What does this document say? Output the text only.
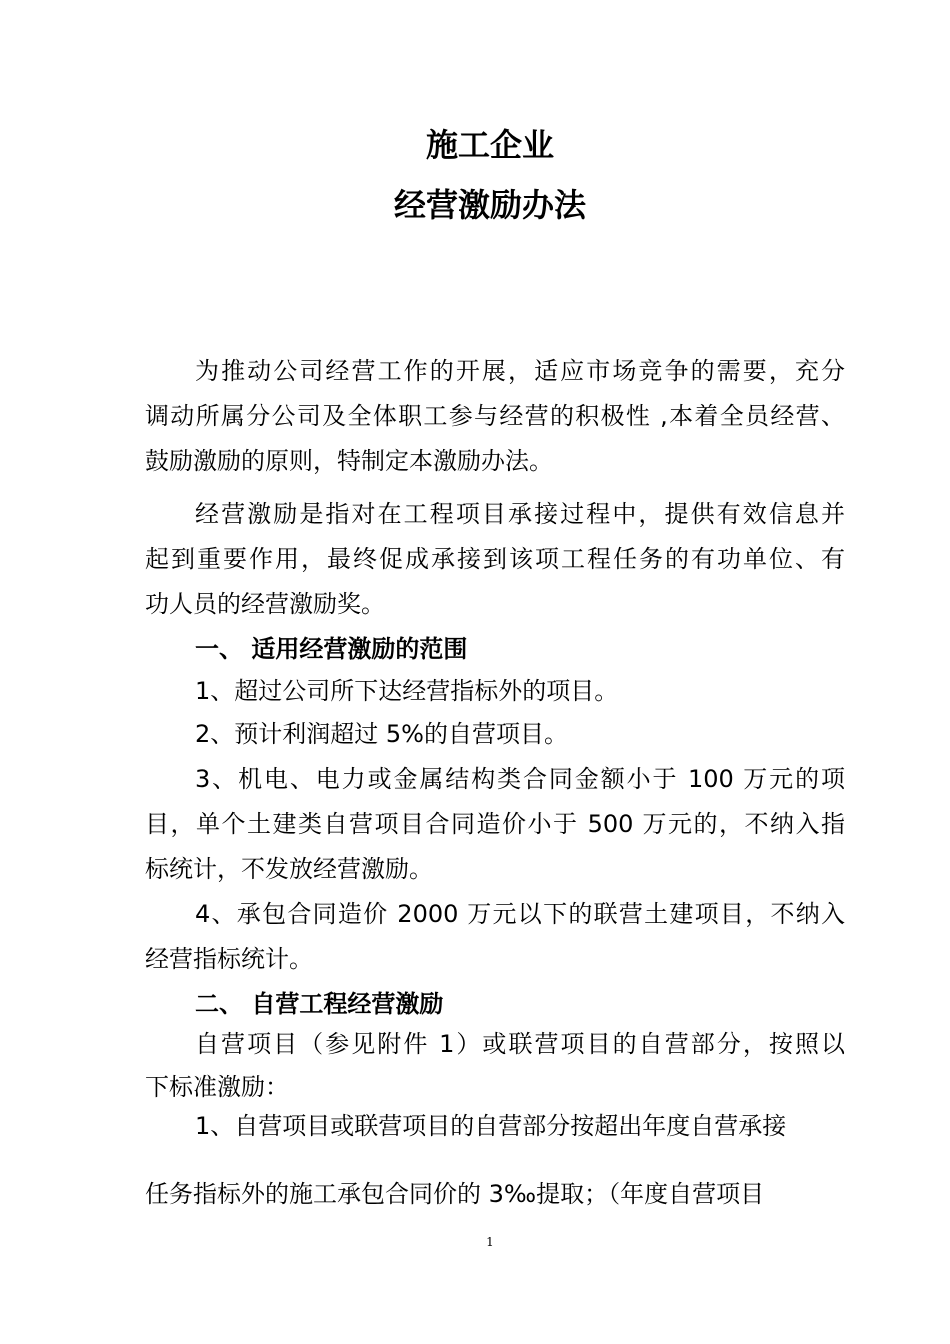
施工企业
经营激励办法
为推动公司经营工作的开展，适应市场竞争的需要，充分
调动所属分公司及全体职工参与经营的积极性 ,本着全员经营、
鼓励激励的原则，特制定本激励办法。
经营激励是指对在工程项目承接过程中，提供有效信息并
起到重要作用，最终促成承接到该项工程任务的有功单位、有
功人员的经营激励奖。
一、 适用经营激励的范围
1、超过公司所下达经营指标外的项目。
2、预计利润超过 5%的自营项目。
3、机电、电力或金属结构类合同金额小于 100 万元的项
目，单个土建类自营项目合同造价小于 500 万元的，不纳入指
标统计，不发放经营激励。
4、承包合同造价 2000 万元以下的联营土建项目，不纳入
经营指标统计。
二、 自营工程经营激励
自营项目（参见附件 1）或联营项目的自营部分，按照以
下标准激励：
1、自营项目或联营项目的自营部分按超出年度自营承接
任务指标外的施工承包合同价的 3‰提取；（年度自营项目
1
